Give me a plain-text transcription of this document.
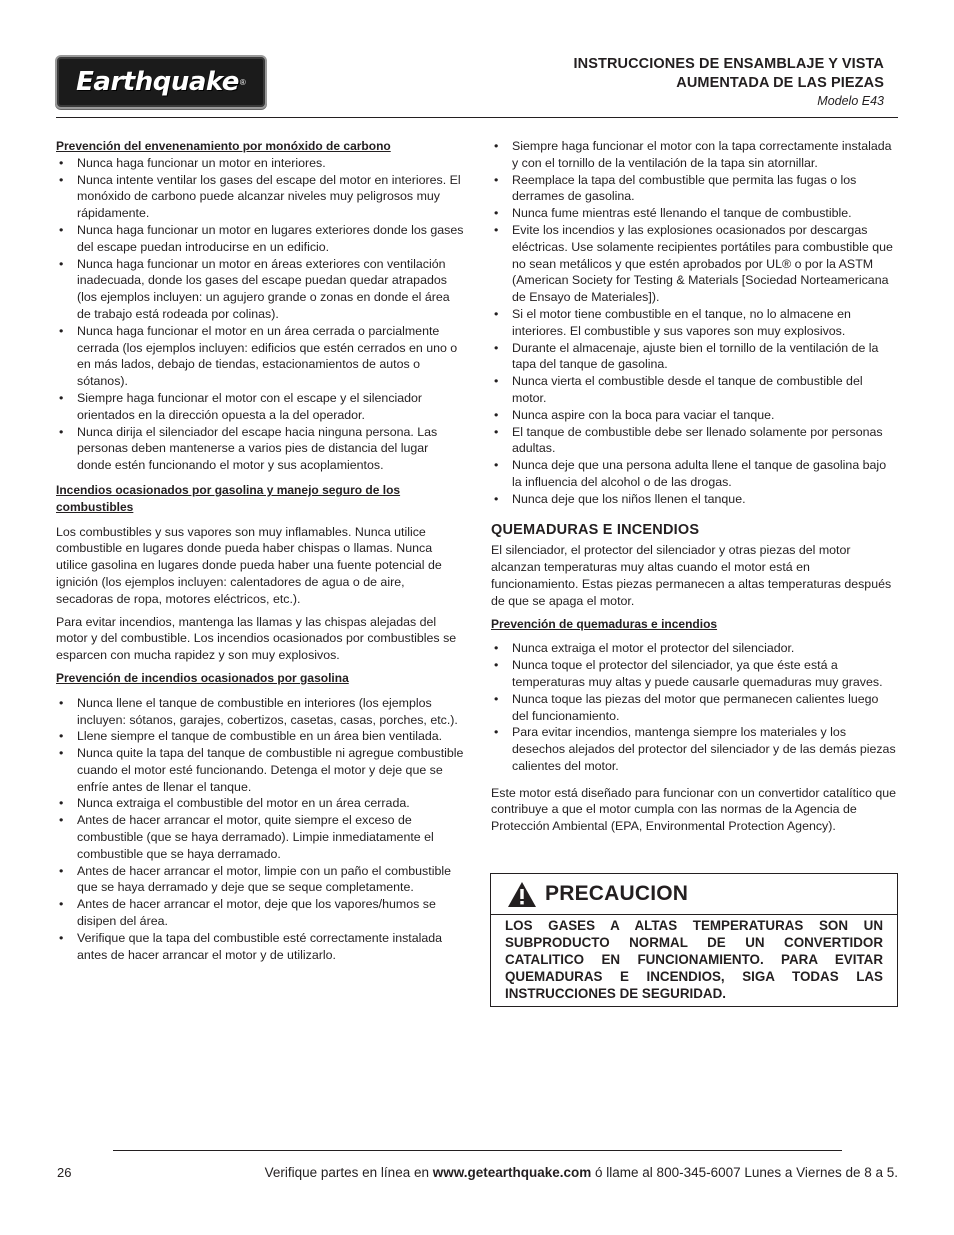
Earthquake ®
INSTRUCCIONES DE ENSAMBLAJE Y VISTA
AUMENTADA DE LAS PIEZAS
Modelo E43

Prevención del envenenamiento por monóxido de carbono

• Nunca haga funcionar un motor en interiores.
• Nunca intente ventilar los gases del escape del motor en interiores. El monóxido de carbono puede alcanzar niveles muy peligrosos muy rápidamente.
• Nunca haga funcionar un motor en lugares exteriores donde los gases del escape puedan introducirse en un edificio.
• Nunca haga funcionar un motor en áreas exteriores con ventilación inadecuada, donde los gases del escape puedan quedar atrapados (los ejemplos incluyen: un agujero grande o zonas en donde el área de trabajo está rodeada por colinas).
• Nunca haga funcionar el motor en un área cerrada o parcialmente cerrada (los ejemplos incluyen: edificios que estén cerrados en uno o en más lados, debajo de tiendas, estacionamientos de autos o sótanos).
• Siempre haga funcionar el motor con el escape y el silenciador orientados en la dirección opuesta a la del operador.
• Nunca dirija el silenciador del escape hacia ninguna persona. Las personas deben mantenerse a varios pies de distancia del lugar donde estén funcionando el motor y sus acoplamientos.

Incendios ocasionados por gasolina y manejo seguro de los combustibles

Los combustibles y sus vapores son muy inflamables. Nunca utilice combustible en lugares donde pueda haber chispas o llamas. Nunca utilice gasolina en lugares donde pueda haber una fuente potencial de ignición (los ejemplos incluyen: calentadores de agua o de aire, secadoras de ropa, motores eléctricos, etc.).

Para evitar incendios, mantenga las llamas y las chispas alejadas del motor y del combustible. Los incendios ocasionados por combustibles se esparcen con mucha rapidez y son muy explosivos.

Prevención de incendios ocasionados por gasolina

• Nunca llene el tanque de combustible en interiores (los ejemplos incluyen: sótanos, garajes, cobertizos, casetas, casas, porches, etc.).
• Llene siempre el tanque de combustible en un área bien ventilada.
• Nunca quite la tapa del tanque de combustible ni agregue combustible cuando el motor esté funcionando. Detenga el motor y deje que se enfríe antes de llenar el tanque.
• Nunca extraiga el combustible del motor en un área cerrada.
• Antes de hacer arrancar el motor, quite siempre el exceso de combustible (que se haya derramado). Limpie inmediatamente el combustible que se haya derramado.
• Antes de hacer arrancar el motor, limpie con un paño el combustible que se haya derramado y deje que se seque completamente.
• Antes de hacer arrancar el motor, deje que los vapores/humos se disipen del área.
• Verifique que la tapa del combustible esté correctamente instalada antes de hacer arrancar el motor y de utilizarlo.
• Siempre haga funcionar el motor con la tapa correctamente instalada y con el tornillo de la ventilación de la tapa sin atornillar.
• Reemplace la tapa del combustible que permita las fugas o los derrames de gasolina.
• Nunca fume mientras esté llenando el tanque de combustible.
• Evite los incendios y las explosiones ocasionados por descargas eléctricas. Use solamente recipientes portátiles para combustible que no sean metálicos y que estén aprobados por UL® o por la ASTM (American Society for Testing & Materials [Sociedad Norteamericana de Ensayo de Materiales]).
• Si el motor tiene combustible en el tanque, no lo almacene en interiores. El combustible y sus vapores son muy explosivos.
• Durante el almacenaje, ajuste bien el tornillo de la ventilación de la tapa del tanque de gasolina.
• Nunca vierta el combustible desde el tanque de combustible del motor.
• Nunca aspire con la boca para vaciar el tanque.
• El tanque de combustible debe ser llenado solamente por personas adultas.
• Nunca deje que una persona adulta llene el tanque de gasolina bajo la influencia del alcohol o de las drogas.
• Nunca deje que los niños llenen el tanque.

QUEMADURAS E INCENDIOS

El silenciador, el protector del silenciador y otras piezas del motor alcanzan temperaturas muy altas cuando el motor está en funcionamiento. Estas piezas permanecen a altas temperaturas después de que se apaga el motor.

Prevención de quemaduras e incendios

• Nunca extraiga el motor el protector del silenciador.
• Nunca toque el protector del silenciador, ya que éste está a temperaturas muy altas y puede causarle quemaduras muy graves.
• Nunca toque las piezas del motor que permanecen calientes luego del funcionamiento.
• Para evitar incendios, mantenga siempre los materiales y los desechos alejados del protector del silenciador y de las demás piezas calientes del motor.

Este motor está diseñado para funcionar con un convertidor catalítico que contribuye a que el motor cumpla con las normas de la Agencia de Protección Ambiental (EPA, Environmental Protection Agency).

PRECAUCION
LOS GASES A ALTAS TEMPERATURAS SON UN SUBPRODUCTO NORMAL DE UN CONVERTIDOR CATALITICO EN FUNCIONAMIENTO. PARA EVITAR QUEMADURAS E INCENDIOS, SIGA TODAS LAS INSTRUCCIONES DE SEGURIDAD.
26	Verifique partes en línea en www.getearthquake.com ó llame al 800-345-6007 Lunes a Viernes de 8 a 5.
